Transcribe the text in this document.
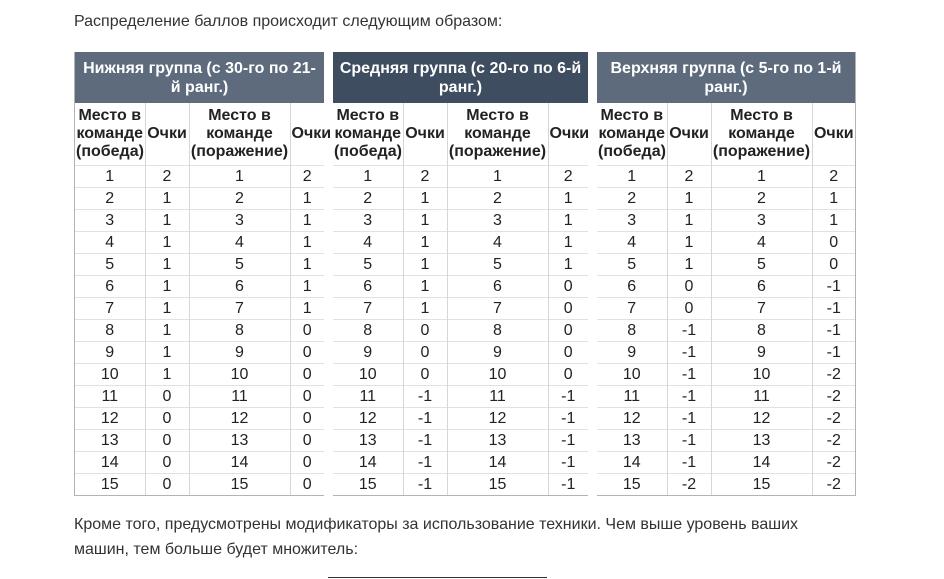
Распределение баллов происходит следующим образом:

Нижняя группа (с 30-го по 21-й ранг.)
Место в команде (победа)	Очки	Место в команде (поражение)	Очки
1	2	1	2
2	1	2	1
3	1	3	1
4	1	4	1
5	1	5	1
6	1	6	1
7	1	7	1
8	1	8	0
9	1	9	0
10	1	10	0
11	0	11	0
12	0	12	0
13	0	13	0
14	0	14	0
15	0	15	0
Средняя группа (с 20-го по 6-й ранг.)
Место в команде (победа)	Очки	Место в команде (поражение)	Очки
1	2	1	2
2	1	2	1
3	1	3	1
4	1	4	1
5	1	5	1
6	1	6	0
7	1	7	0
8	0	8	0
9	0	9	0
10	0	10	0
11	-1	11	-1
12	-1	12	-1
13	-1	13	-1
14	-1	14	-1
15	-1	15	-1
Верхняя группа (с 5-го по 1-й ранг.)
Место в команде (победа)	Очки	Место в команде (поражение)	Очки
1	2	1	2
2	1	2	1
3	1	3	1
4	1	4	0
5	1	5	0
6	0	6	-1
7	0	7	-1
8	-1	8	-1
9	-1	9	-1
10	-1	10	-2
11	-1	11	-2
12	-1	12	-2
13	-1	13	-2
14	-1	14	-2
15	-2	15	-2

Кроме того, предусмотрены модификаторы за использование техники. Чем выше уровень ваших машин, тем больше будет множитель:
